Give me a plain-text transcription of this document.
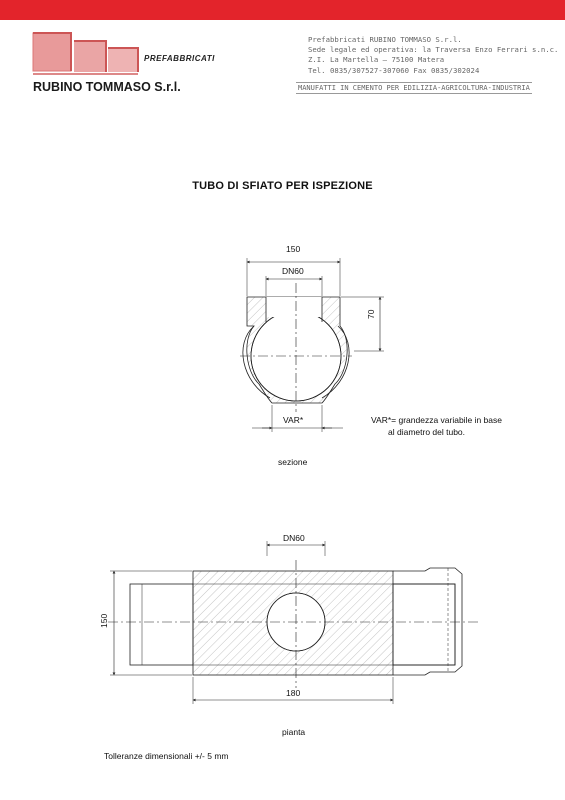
PREFABBRICATI
RUBINO TOMMASO S.r.l.
Prefabbricati RUBINO TOMMASO S.r.l.
Sede legale ed operativa: la Traversa Enzo Ferrari s.n.c.
Z.I. La Martella — 75100 Matera
Tel. 0835/307527-307060 Fax 0835/302024
MANUFATTI IN CEMENTO PER EDILIZIA-AGRICOLTURA-INDUSTRIA
TUBO DI SFIATO PER ISPEZIONE
150
DN60
70
VAR*	VAR*= grandezza variabile in base
al diametro del tubo.
sezione
DN60
150
180
pianta
Tolleranze dimensionali +/- 5 mm
